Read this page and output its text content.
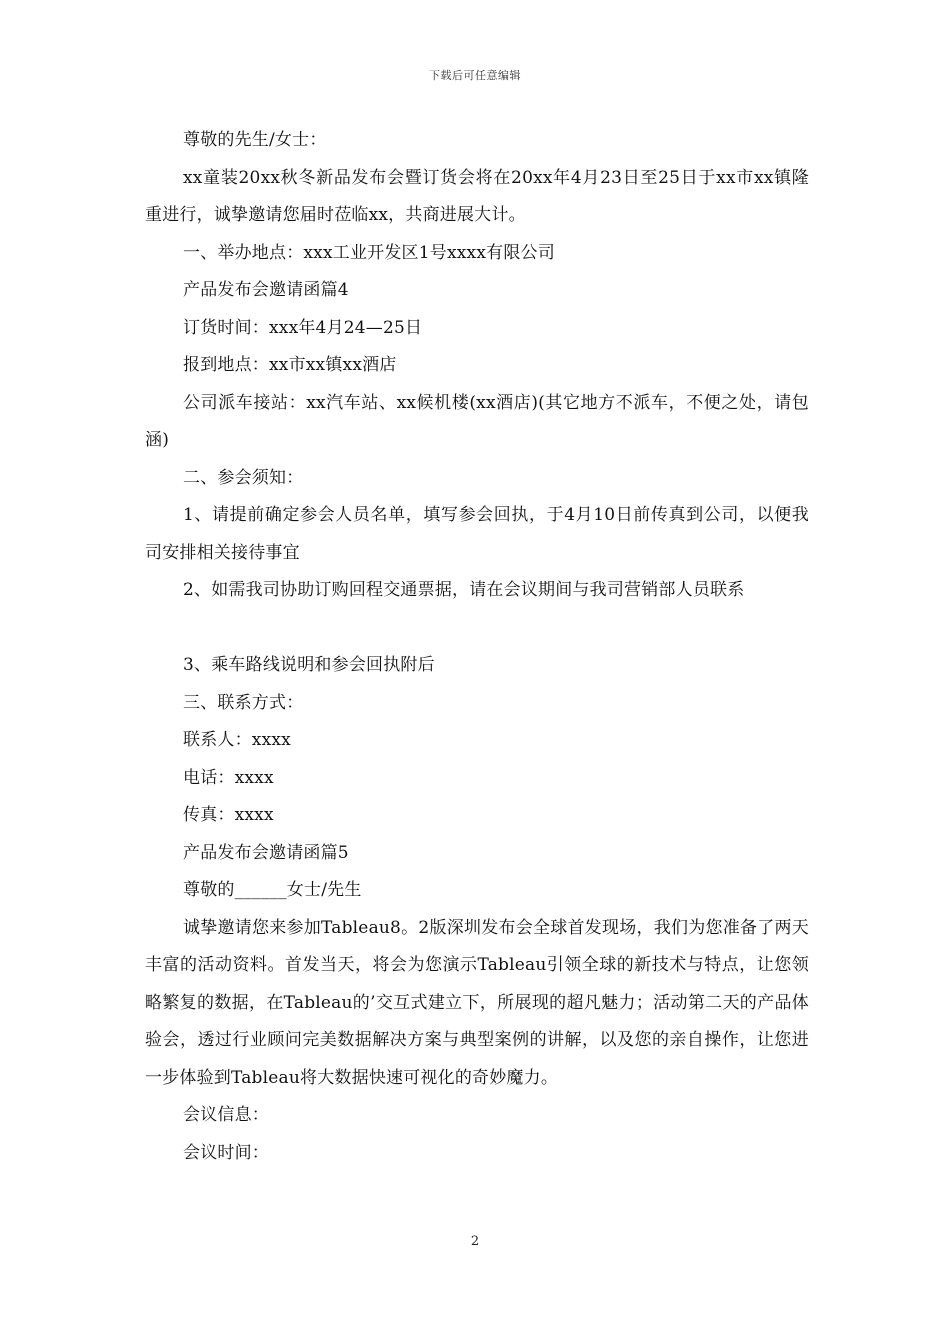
下载后可任意编辑

尊敬的先生/女士：

xx童装20xx秋冬新品发布会暨订货会将在20xx年4月23日至25日于xx市xx镇隆重进行，诚挚邀请您届时莅临xx，共商进展大计。

一、举办地点：xxx工业开发区1号xxxx有限公司

产品发布会邀请函篇4

订货时间：xxx年4月24—25日

报到地点：xx市xx镇xx酒店

公司派车接站：xx汽车站、xx候机楼(xx酒店)(其它地方不派车，不便之处，请包涵)

二、参会须知：

1、请提前确定参会人员名单，填写参会回执，于4月10日前传真到公司，以便我司安排相关接待事宜

2、如需我司协助订购回程交通票据，请在会议期间与我司营销部人员联系

3、乘车路线说明和参会回执附后

三、联系方式：

联系人：xxxx

电话：xxxx

传真：xxxx

产品发布会邀请函篇5

尊敬的______女士/先生

诚挚邀请您来参加Tableau8。2版深圳发布会全球首发现场，我们为您准备了两天丰富的活动资料。首发当天，将会为您演示Tableau引领全球的新技术与特点，让您领略繁复的数据，在Tableau的’交互式建立下，所展现的超凡魅力；活动第二天的产品体验会，透过行业顾问完美数据解决方案与典型案例的讲解，以及您的亲自操作，让您进一步体验到Tableau将大数据快速可视化的奇妙魔力。

会议信息：

会议时间：

2
